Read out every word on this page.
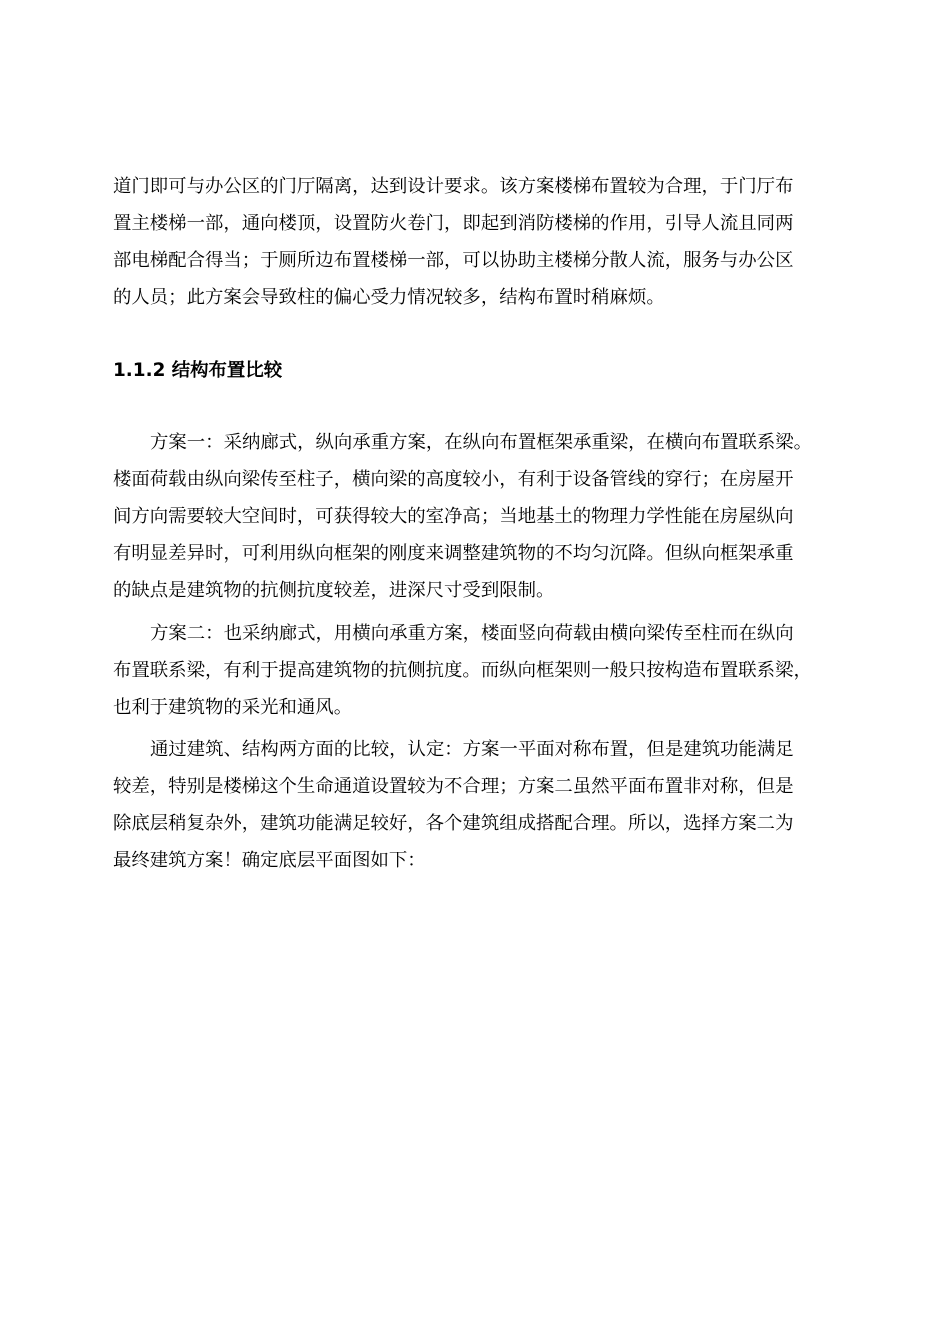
道门即可与办公区的门厅隔离，达到设计要求。该方案楼梯布置较为合理，于门厅布
置主楼梯一部，通向楼顶，设置防火卷门，即起到消防楼梯的作用，引导人流且同两
部电梯配合得当；于厕所边布置楼梯一部，可以协助主楼梯分散人流，服务与办公区
的人员；此方案会导致柱的偏心受力情况较多，结构布置时稍麻烦。
1.1.2 结构布置比较
方案一：采纳廊式，纵向承重方案，在纵向布置框架承重梁，在横向布置联系梁。
楼面荷载由纵向梁传至柱子，横向梁的高度较小，有利于设备管线的穿行；在房屋开
间方向需要较大空间时，可获得较大的室净高；当地基土的物理力学性能在房屋纵向
有明显差异时，可利用纵向框架的刚度来调整建筑物的不均匀沉降。但纵向框架承重
的缺点是建筑物的抗侧抗度较差，进深尺寸受到限制。
方案二：也采纳廊式，用横向承重方案，楼面竖向荷载由横向梁传至柱而在纵向
布置联系梁，有利于提高建筑物的抗侧抗度。而纵向框架则一般只按构造布置联系梁，
也利于建筑物的采光和通风。
通过建筑、结构两方面的比较，认定：方案一平面对称布置，但是建筑功能满足
较差，特别是楼梯这个生命通道设置较为不合理；方案二虽然平面布置非对称，但是
除底层稍复杂外，建筑功能满足较好，各个建筑组成搭配合理。所以，选择方案二为
最终建筑方案！确定底层平面图如下：
